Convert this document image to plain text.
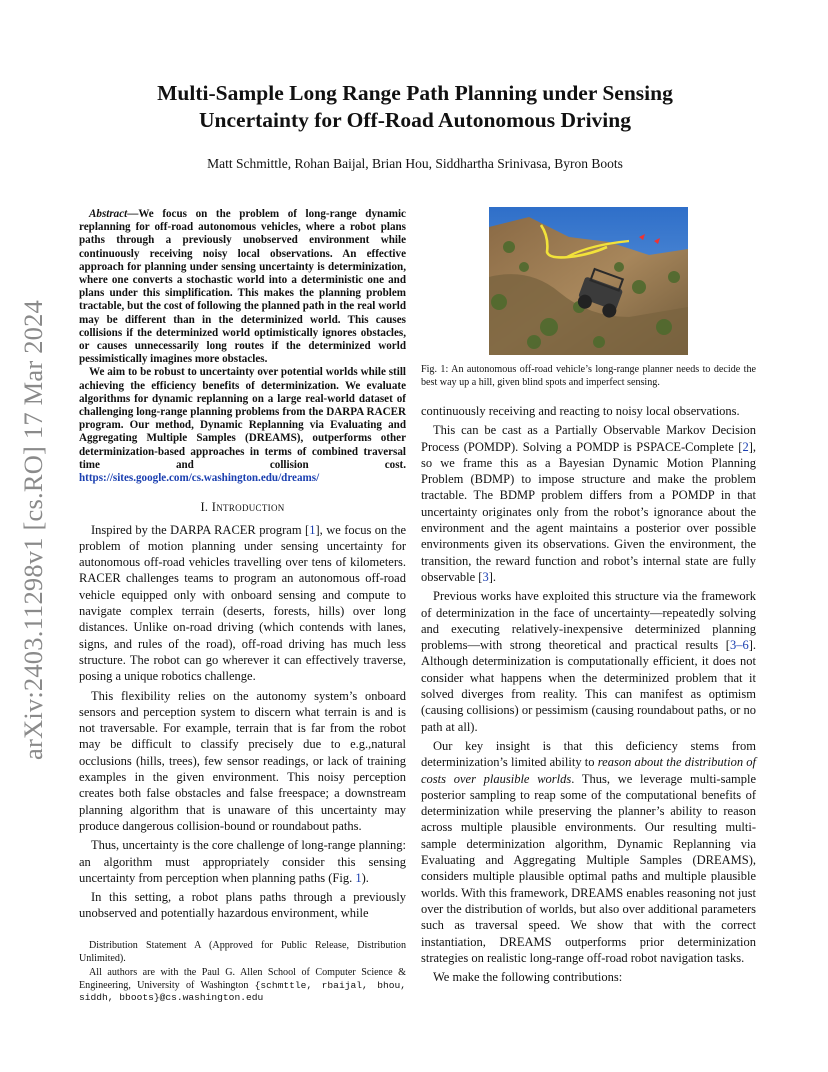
arXiv:2403.11298v1 [cs.RO] 17 Mar 2024
Multi-Sample Long Range Path Planning under Sensing
Uncertainty for Off-Road Autonomous Driving
Matt Schmittle, Rohan Baijal, Brian Hou, Siddhartha Srinivasa, Byron Boots

Abstract—We focus on the problem of long-range dynamic replanning for off-road autonomous vehicles, where a robot plans paths through a previously unobserved environment while continuously receiving noisy local observations. An effective approach for planning under sensing uncertainty is determinization, where one converts a stochastic world into a deterministic one and plans under this simplification. This makes the planning problem tractable, but the cost of following the planned path in the real world may be different than in the determinized world. This causes collisions if the determinized world optimistically ignores obstacles, or causes unnecessarily long routes if the determinized world pessimistically imagines more obstacles.

We aim to be robust to uncertainty over potential worlds while still achieving the efficiency benefits of determinization. We evaluate algorithms for dynamic replanning on a large real-world dataset of challenging long-range planning problems from the DARPA RACER program. Our method, Dynamic Replanning via Evaluating and Aggregating Multiple Samples (DREAMS), outperforms other determinization-based approaches in terms of combined traversal time and collision cost. https://sites.google.com/cs.washington.edu/dreams/

I. Introduction

Inspired by the DARPA RACER program [1], we focus on the problem of motion planning under sensing uncertainty for autonomous off-road vehicles travelling over tens of kilometers. RACER challenges teams to program an autonomous off-road vehicle equipped only with onboard sensing and compute to navigate complex terrain (deserts, forests, hills) over long distances. Unlike on-road driving (which contends with lanes, signs, and rules of the road), off-road driving has much less structure. The robot can go wherever it can effectively traverse, posing a unique robotics challenge.

This flexibility relies on the autonomy system’s onboard sensors and perception system to discern what terrain is and is not traversable. For example, terrain that is far from the robot may be difficult to classify precisely due to e.g.,natural occlusions (hills, trees), few sensor readings, or lack of training examples in the given environment. This noisy perception creates both false obstacles and false freespace; a downstream planning algorithm that is unaware of this uncertainty may produce dangerous collision-bound or roundabout paths.

Thus, uncertainty is the core challenge of long-range planning: an algorithm must appropriately consider this sensing uncertainty from perception when planning paths (Fig. 1).

In this setting, a robot plans paths through a previously unobserved and potentially hazardous environment, while

Distribution Statement A (Approved for Public Release, Distribution Unlimited).

All authors are with the Paul G. Allen School of Computer Science & Engineering, University of Washington {schmttle, rbaijal, bhou, siddh, bboots}@cs.washington.edu

Fig. 1: An autonomous off-road vehicle’s long-range planner needs to decide the best way up a hill, given blind spots and imperfect sensing.

continuously receiving and reacting to noisy local observations.

This can be cast as a Partially Observable Markov Decision Process (POMDP). Solving a POMDP is PSPACE-Complete [2], so we frame this as a Bayesian Dynamic Motion Planning Problem (BDMP) to impose structure and make the problem tractable. The BDMP problem differs from a POMDP in that uncertainty originates only from the robot’s ignorance about the environment and the agent maintains a posterior over possible environments given its observations. Given the environment, the transition, the reward function and robot’s internal state are fully observable [3].

Previous works have exploited this structure via the framework of determinization in the face of uncertainty—repeatedly solving and executing relatively-inexpensive determinized planning problems—with strong theoretical and practical results [3–6]. Although determinization is computationally efficient, it does not consider what happens when the determinized problem that it solved diverges from reality. This can manifest as optimism (causing collisions) or pessimism (causing roundabout paths, or no path at all).

Our key insight is that this deficiency stems from determinization’s limited ability to reason about the distribution of costs over plausible worlds. Thus, we leverage multi-sample posterior sampling to reap some of the computational benefits of determinization while preserving the planner’s ability to reason across multiple plausible environments. Our resulting multi-sample determinization algorithm, Dynamic Replanning via Evaluating and Aggregating Multiple Samples (DREAMS), considers multiple plausible optimal paths and multiple plausible worlds. With this framework, DREAMS enables reasoning not just over the distribution of worlds, but also over additional parameters such as traversal speed. We show that with the correct instantiation, DREAMS outperforms prior determinization strategies on realistic long-range off-road robot navigation tasks.

We make the following contributions:
